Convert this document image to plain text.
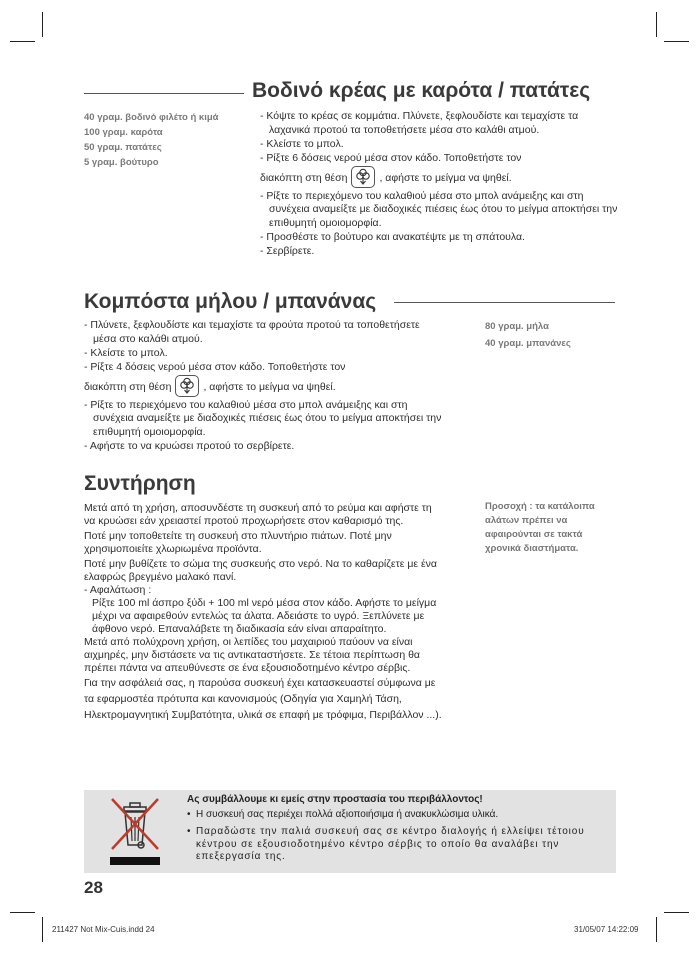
Βοδινό κρέας με καρότα / πατάτες

40 γραμ. βοδινό φιλέτο ή κιμά

100 γραμ. καρότα

50 γραμ. πατάτες

5 γραμ. βούτυρο

- Κόψτε το κρέας σε κομμάτια. Πλύνετε, ξεφλουδίστε και τεμαχίστε τα λαχανικά προτού τα τοποθετήσετε μέσα στο καλάθι ατμού.
- Κλείστε το μπολ.
- Ρίξτε 6 δόσεις νερού μέσα στον κάδο. Τοποθετήστε τον
διακόπτη στη θέση	, αφήστε το μείγμα να ψηθεί.
- Ρίξτε το περιεχόμενο του καλαθιού μέσα στο μπολ ανάμειξης και στη συνέχεια αναμείξτε με διαδοχικές πιέσεις έως ότου το μείγμα αποκτήσει την επιθυμητή ομοιομορφία.
- Προσθέστε το βούτυρο και ανακατέψτε με τη σπάτουλα.
- Σερβίρετε.
Κομπόστα μήλου / μπανάνας
- Πλύνετε, ξεφλουδίστε και τεμαχίστε τα φρούτα προτού τα τοποθετήσετε μέσα στο καλάθι ατμού.
- Κλείστε το μπολ.
- Ρίξτε 4 δόσεις νερού μέσα στον κάδο. Τοποθετήστε τον
διακόπτη στη θέση	, αφήστε το μείγμα να ψηθεί.
- Ρίξτε το περιεχόμενο του καλαθιού μέσα στο μπολ ανάμειξης και στη συνέχεια αναμείξτε με διαδοχικές πιέσεις έως ότου το μείγμα αποκτήσει την επιθυμητή ομοιομορφία.
- Αφήστε το να κρυώσει προτού το σερβίρετε.

80 γραμ. μήλα

40 γραμ. μπανάνες

Συντήρηση

Μετά από τη χρήση, αποσυνδέστε τη συσκευή από το ρεύμα και αφήστε τη να κρυώσει εάν χρειαστεί προτού προχωρήσετε στον καθαρισμό της.

Ποτέ μην τοποθετείτε τη συσκευή στο πλυντήριο πιάτων. Ποτέ μην χρησιμοποιείτε χλωριωμένα προϊόντα.

Ποτέ μην βυθίζετε το σώμα της συσκευής στο νερό. Να το καθαρίζετε με ένα ελαφρώς βρεγμένο μαλακό πανί.

- Αφαλάτωση :

Ρίξτε 100 ml άσπρο ξύδι + 100 ml νερό μέσα στον κάδο. Αφήστε το μείγμα μέχρι να αφαιρεθούν εντελώς τα άλατα. Αδειάστε το υγρό. Ξεπλύνετε με άφθονο νερό. Επαναλάβετε τη διαδικασία εάν είναι απαραίτητο.

Μετά από πολύχρονη χρήση, οι λεπίδες του μαχαιριού παύουν να είναι αιχμηρές, μην διστάσετε να τις αντικαταστήσετε. Σε τέτοια περίπτωση θα πρέπει πάντα να απευθύνεστε σε ένα εξουσιοδοτημένο κέντρο σέρβις.

Για την ασφάλειά σας, η παρούσα συσκευή έχει κατασκευαστεί σύμφωνα με τα εφαρμοστέα πρότυπα και κανονισμούς (Οδηγία για Χαμηλή Τάση, Ηλεκτρομαγνητική Συμβατότητα, υλικά σε επαφή με τρόφιμα, Περιβάλλον ...).

Προσοχή : τα κατάλοιπα αλάτων πρέπει να αφαιρούνται σε τακτά χρονικά διαστήματα.
Ας συμβάλλουμε κι εμείς στην προστασία του περιβάλλοντος!
• Η συσκευή σας περιέχει πολλά αξιοποιήσιμα ή ανακυκλώσιμα υλικά.
• Παραδώστε την παλιά συσκευή σας σε κέντρο διαλογής ή ελλείψει τέτοιου κέντρου σε εξουσιοδοτημένο κέντρο σέρβις το οποίο θα αναλάβει την επεξεργασία της.
28
211427 Not Mix-Cuis.indd 24	31/05/07 14:22:09
